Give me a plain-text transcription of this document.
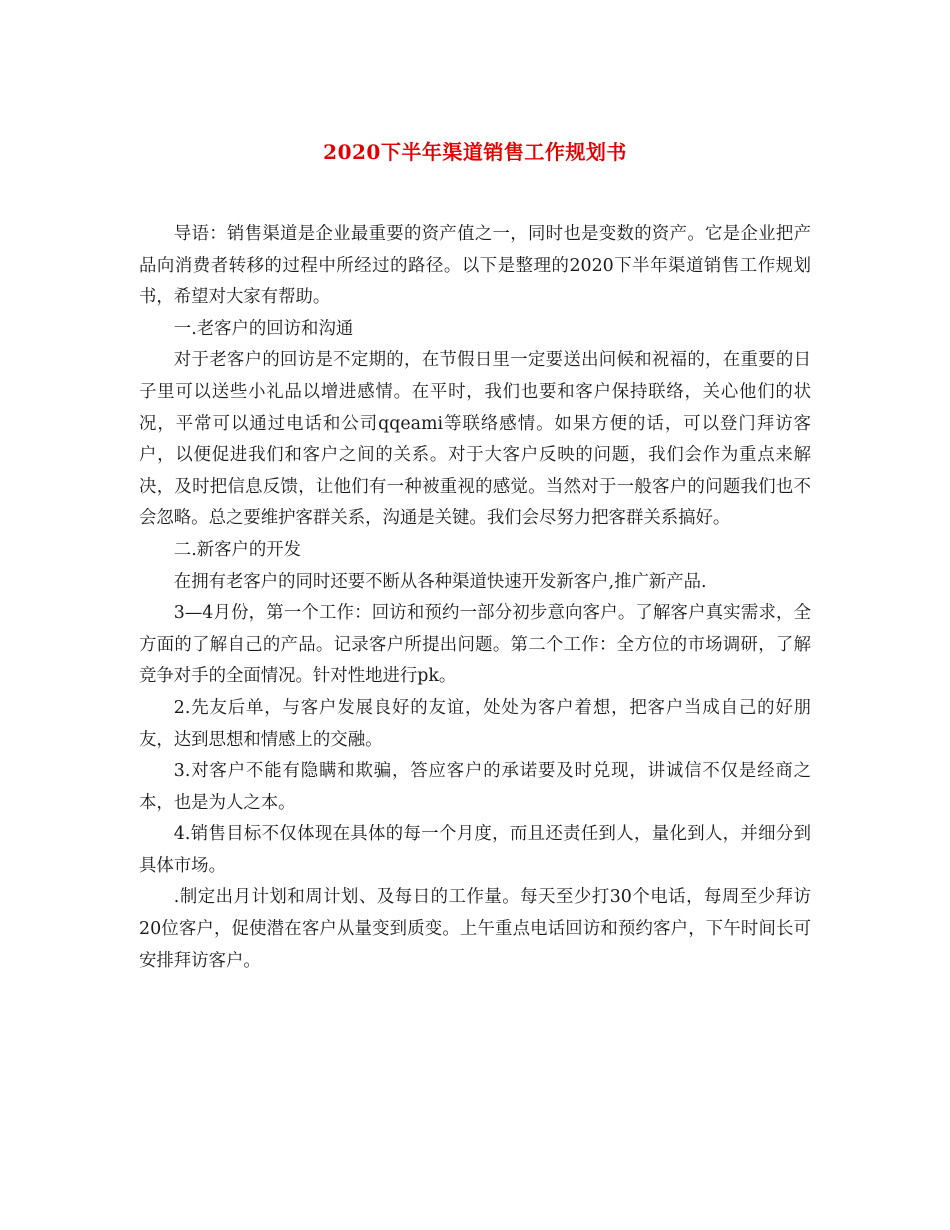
2020下半年渠道销售工作规划书

导语：销售渠道是企业最重要的资产值之一，同时也是变数的资产。它是企业把产品向消费者转移的过程中所经过的路径。以下是整理的2020下半年渠道销售工作规划书，希望对大家有帮助。

一.老客户的回访和沟通

对于老客户的回访是不定期的，在节假日里一定要送出问候和祝福的，在重要的日子里可以送些小礼品以增进感情。在平时，我们也要和客户保持联络，关心他们的状况，平常可以通过电话和公司qqeami等联络感情。如果方便的话，可以登门拜访客户，以便促进我们和客户之间的关系。对于大客户反映的问题，我们会作为重点来解决，及时把信息反馈，让他们有一种被重视的感觉。当然对于一般客户的问题我们也不会忽略。总之要维护客群关系，沟通是关键。我们会尽努力把客群关系搞好。

二.新客户的开发

在拥有老客户的同时还要不断从各种渠道快速开发新客户,推广新产品.

3—4月份，第一个工作：回访和预约一部分初步意向客户。了解客户真实需求，全方面的了解自己的产品。记录客户所提出问题。第二个工作：全方位的市场调研，了解竞争对手的全面情况。针对性地进行pk。

2.先友后单，与客户发展良好的友谊，处处为客户着想，把客户当成自己的好朋友，达到思想和情感上的交融。

3.对客户不能有隐瞒和欺骗，答应客户的承诺要及时兑现，讲诚信不仅是经商之本，也是为人之本。

4.销售目标不仅体现在具体的每一个月度，而且还责任到人，量化到人，并细分到具体市场。

.制定出月计划和周计划、及每日的工作量。每天至少打30个电话，每周至少拜访20位客户，促使潜在客户从量变到质变。上午重点电话回访和预约客户，下午时间长可安排拜访客户。
